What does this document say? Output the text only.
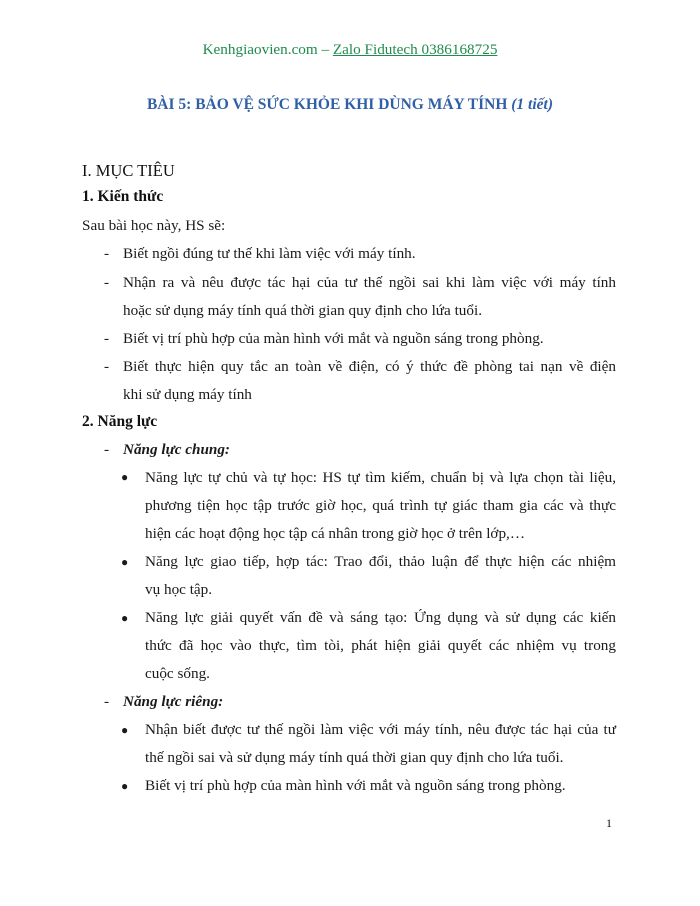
Kenhgiaovien.com – Zalo Fidutech 0386168725
BÀI 5: BẢO VỆ SỨC KHỎE KHI DÙNG MÁY TÍNH (1 tiết)
I. MỤC TIÊU
1. Kiến thức
Sau bài học này, HS sẽ:
- Biết ngồi đúng tư thế khi làm việc với máy tính.
- Nhận ra và nêu được tác hại của tư thế ngồi sai khi làm việc với máy tính
hoặc sử dụng máy tính quá thời gian quy định cho lứa tuổi.
- Biết vị trí phù hợp của màn hình với mắt và nguồn sáng trong phòng.
- Biết thực hiện quy tắc an toàn về điện, có ý thức đề phòng tai nạn về điện
khi sử dụng máy tính
2. Năng lực
- Năng lực chung:
● Năng lực tự chủ và tự học: HS tự tìm kiếm, chuẩn bị và lựa chọn tài liệu,
phương tiện học tập trước giờ học, quá trình tự giác tham gia các và thực
hiện các hoạt động học tập cá nhân trong giờ học ở trên lớp,…
● Năng lực giao tiếp, hợp tác: Trao đổi, thảo luận để thực hiện các nhiệm
vụ học tập.
● Năng lực giải quyết vấn đề và sáng tạo: Ứng dụng và sử dụng các kiến
thức đã học vào thực, tìm tòi, phát hiện giải quyết các nhiệm vụ trong
cuộc sống.
- Năng lực riêng:
● Nhận biết được tư thế ngồi làm việc với máy tính, nêu được tác hại của tư
thế ngồi sai và sử dụng máy tính quá thời gian quy định cho lứa tuổi.
● Biết vị trí phù hợp của màn hình với mắt và nguồn sáng trong phòng.
1
